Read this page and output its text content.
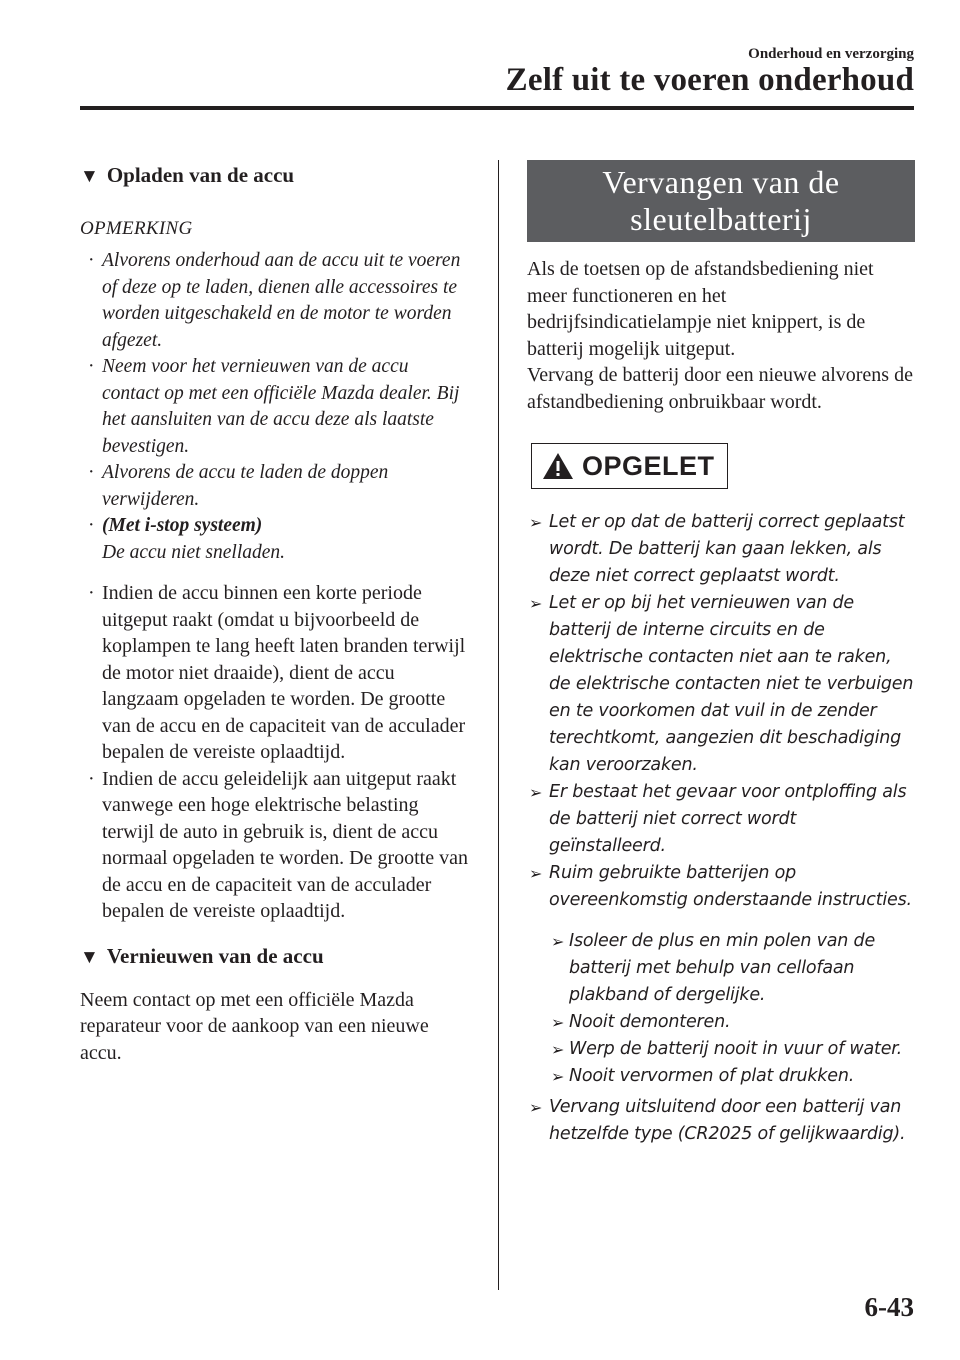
Onderhoud en verzorging
Zelf uit te voeren onderhoud
▼ Opladen van de accu
OPMERKING
· Alvorens onderhoud aan de accu uit te voeren of deze op te laden, dienen alle accessoires te worden uitgeschakeld en de motor te worden afgezet.
· Neem voor het vernieuwen van de accu contact op met een officiële Mazda dealer. Bij het aansluiten van de accu deze als laatste bevestigen.
· Alvorens de accu te laden de doppen verwijderen.
· (Met i-stop systeem)
De accu niet snelladen.
· Indien de accu binnen een korte periode uitgeput raakt (omdat u bijvoorbeeld de koplampen te lang heeft laten branden terwijl de motor niet draaide), dient de accu langzaam opgeladen te worden. De grootte van de accu en de capaciteit van de acculader bepalen de vereiste oplaadtijd.
· Indien de accu geleidelijk aan uitgeput raakt vanwege een hoge elektrische belasting terwijl de auto in gebruik is, dient de accu normaal opgeladen te worden. De grootte van de accu en de capaciteit van de acculader bepalen de vereiste oplaadtijd.
▼ Vernieuwen van de accu
Neem contact op met een officiële Mazda reparateur voor de aankoop van een nieuwe accu.
Vervangen van de
sleutelbatterij
Als de toetsen op de afstandsbediening niet meer functioneren en het bedrijfsindicatielampje niet knippert, is de batterij mogelijk uitgeput.
Vervang de batterij door een nieuwe alvorens de afstandbediening onbruikbaar wordt.
OPGELET
➢ Let er op dat de batterij correct geplaatst wordt. De batterij kan gaan lekken, als deze niet correct geplaatst wordt.
➢ Let er op bij het vernieuwen van de batterij de interne circuits en de elektrische contacten niet aan te raken, de elektrische contacten niet te verbuigen en te voorkomen dat vuil in de zender terechtkomt, aangezien dit beschadiging kan veroorzaken.
➢ Er bestaat het gevaar voor ontploffing als de batterij niet correct wordt geïnstalleerd.
➢ Ruim gebruikte batterijen op overeenkomstig onderstaande instructies.
➢ Isoleer de plus en min polen van de batterij met behulp van cellofaan plakband of dergelijke.
➢ Nooit demonteren.
➢ Werp de batterij nooit in vuur of water.
➢ Nooit vervormen of plat drukken.
➢ Vervang uitsluitend door een batterij van hetzelfde type (CR2025 of gelijkwaardig).
6-43
